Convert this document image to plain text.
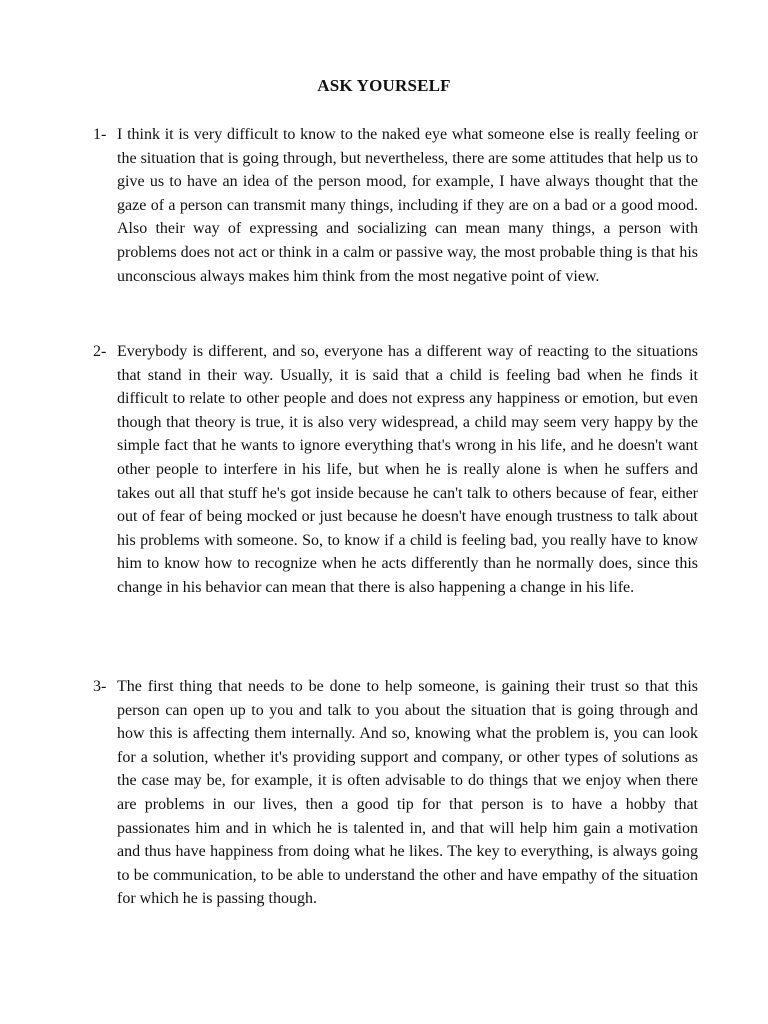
ASK YOURSELF
1- I think it is very difficult to know to the naked eye what someone else is really feeling or the situation that is going through, but nevertheless, there are some attitudes that help us to give us to have an idea of the person mood, for example, I have always thought that the gaze of a person can transmit many things, including if they are on a bad or a good mood. Also their way of expressing and socializing can mean many things, a person with problems does not act or think in a calm or passive way, the most probable thing is that his unconscious always makes him think from the most negative point of view.
2- Everybody is different, and so, everyone has a different way of reacting to the situations that stand in their way. Usually, it is said that a child is feeling bad when he finds it difficult to relate to other people and does not express any happiness or emotion, but even though that theory is true, it is also very widespread, a child may seem very happy by the simple fact that he wants to ignore everything that's wrong in his life, and he doesn't want other people to interfere in his life, but when he is really alone is when he suffers and takes out all that stuff he's got inside because he can't talk to others because of fear, either out of fear of being mocked or just because he doesn't have enough trustness to talk about his problems with someone. So, to know if a child is feeling bad, you really have to know him to know how to recognize when he acts differently than he normally does, since this change in his behavior can mean that there is also happening a change in his life.
3- The first thing that needs to be done to help someone, is gaining their trust so that this person can open up to you and talk to you about the situation that is going through and how this is affecting them internally. And so, knowing what the problem is, you can look for a solution, whether it's providing support and company, or other types of solutions as the case may be, for example, it is often advisable to do things that we enjoy when there are problems in our lives, then a good tip for that person is to have a hobby that passionates him and in which he is talented in, and that will help him gain a motivation and thus have happiness from doing what he likes. The key to everything, is always going to be communication, to be able to understand the other and have empathy of the situation for which he is passing though.
